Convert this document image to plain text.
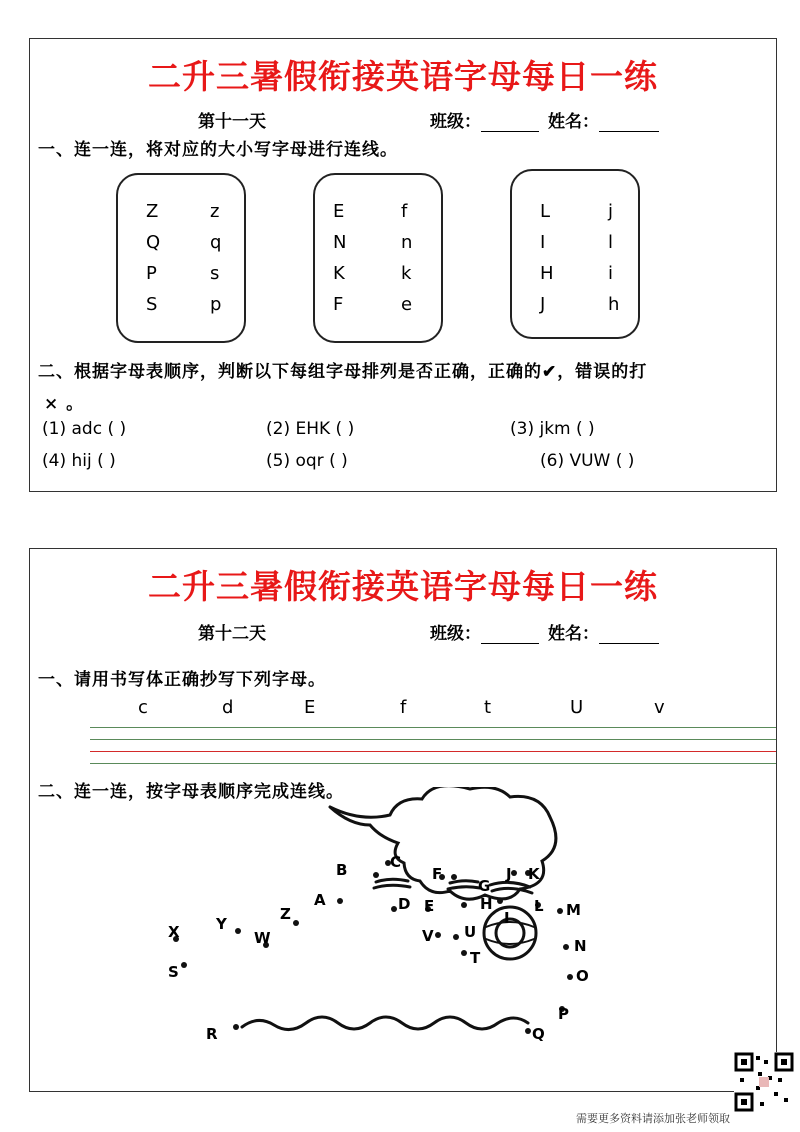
二升三暑假衔接英语字母每日一练
第十一天	班级：	姓名：
一、连一连，将对应的大小写字母进行连线。
Z	z
Q	q
P	s
S	p
E	f
N	n
K	k
F	e
L	j
I	l
H	i
J	h
二、根据字母表顺序，判断以下每组字母排列是否正确，正确的✔，错误的打
× 。
(1) adc ( )	(2) EHK ( )	(3) jkm ( )
(4) hij ( )	(5) oqr ( )	(6) VUW ( )
二升三暑假衔接英语字母每日一练
第十二天	班级：	姓名：
一、请用书写体正确抄写下列字母。
c	d	E	f	t	U	v
二、连一连，按字母表顺序完成连线。
A
B	C
D E
F
G
H
I
J K
L M
N
O
P
Q
R
S
T
U
V
W
X Y
Z
需要更多资料请添加张老师领取
